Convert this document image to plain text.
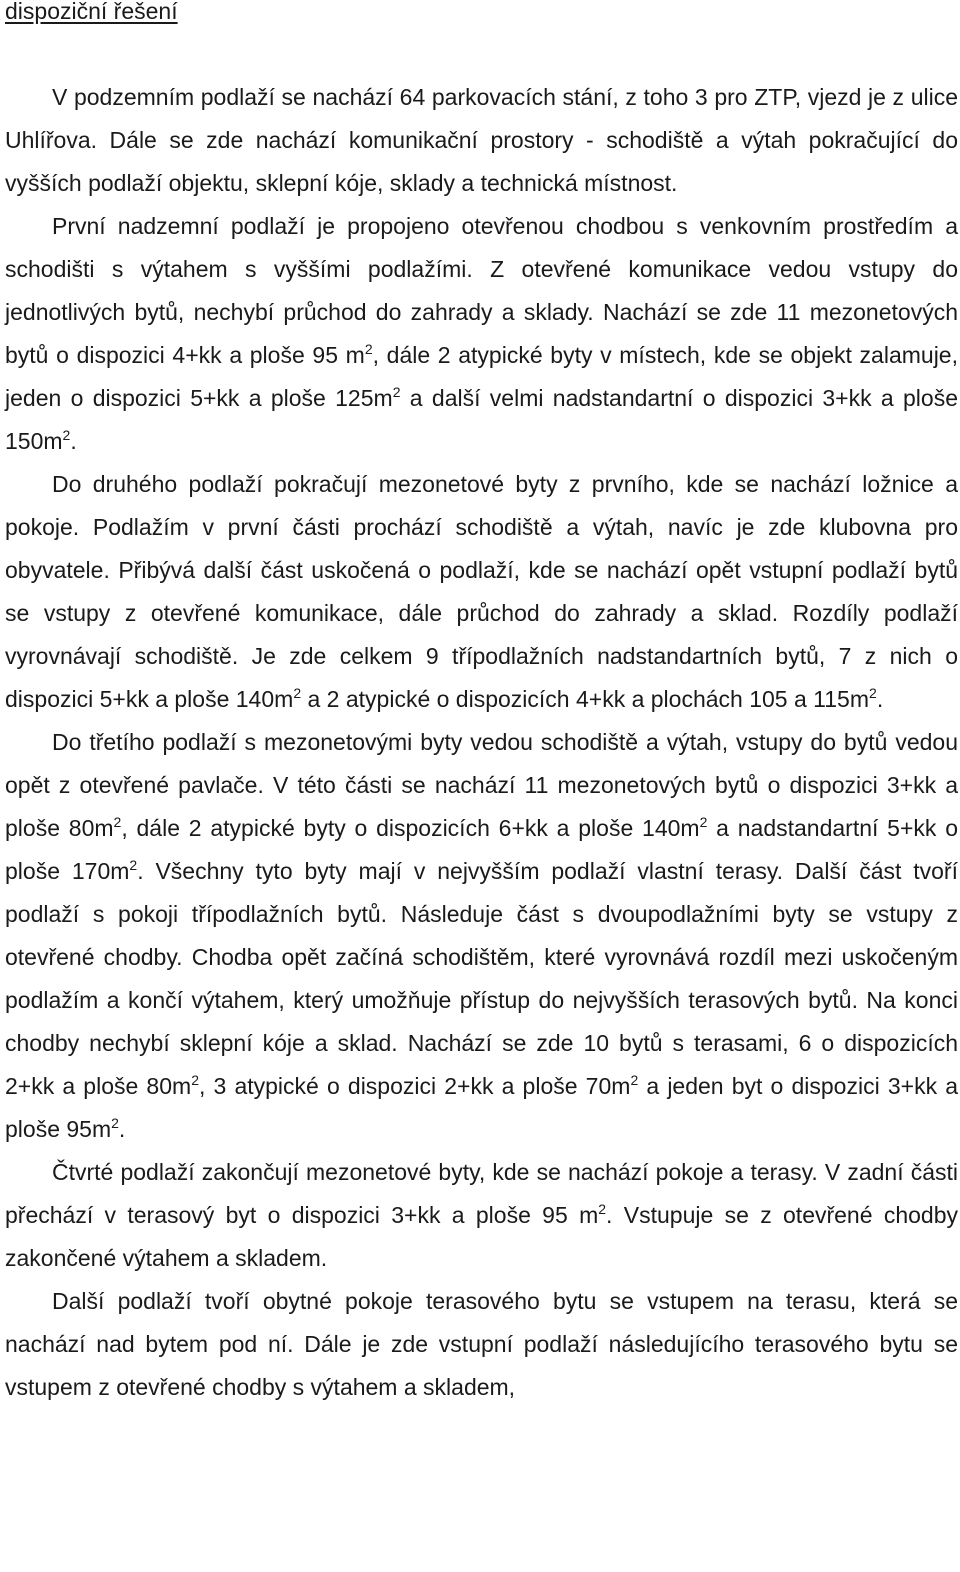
dispoziční řešení

V podzemním podlaží se nachází 64 parkovacích stání, z toho 3 pro ZTP, vjezd je z ulice Uhlířova. Dále se zde nachází komunikační prostory - schodiště a výtah pokračující do vyšších podlaží objektu, sklepní kóje, sklady a technická místnost.

První nadzemní podlaží je propojeno otevřenou chodbou s venkovním prostředím a schodišti s výtahem s vyššími podlažími. Z otevřené komunikace vedou vstupy do jednotlivých bytů, nechybí průchod do zahrady a sklady. Nachází se zde 11 mezonetových bytů o dispozici 4+kk a ploše 95 $m^2$, dále 2 atypické byty v místech, kde se objekt zalamuje, jeden o dispozici 5+kk a ploše $125m^2$ a další velmi nadstandartní o dispozici 3+kk a ploše $150m^2$.

Do druhého podlaží pokračují mezonetové byty z prvního, kde se nachází ložnice a pokoje. Podlažím v první části prochází schodiště a výtah, navíc je zde klubovna pro obyvatele. Přibývá další část uskočená o podlaží, kde se nachází opět vstupní podlaží bytů se vstupy z otevřené komunikace, dále průchod do zahrady a sklad. Rozdíly podlaží vyrovnávají schodiště. Je zde celkem 9 třípodlažních nadstandartních bytů, 7 z nich o dispozici 5+kk a ploše $140m^2$ a 2 atypické o dispozicích 4+kk a plochách 105 a $115m^2$.

Do třetího podlaží s mezonetovými byty vedou schodiště a výtah, vstupy do bytů vedou opět z otevřené pavlače. V této části se nachází 11 mezonetových bytů o dispozici 3+kk a ploše $80m^2$, dále 2 atypické byty o dispozicích 6+kk a ploše $140m^2$ a nadstandartní 5+kk o ploše $170m^2$. Všechny tyto byty mají v nejvyšším podlaží vlastní terasy. Další část tvoří podlaží s pokoji třípodlažních bytů. Následuje část s dvoupodlažními byty se vstupy z otevřené chodby. Chodba opět začíná schodištěm, které vyrovnává rozdíl mezi uskočeným podlažím a končí výtahem, který umožňuje přístup do nejvyšších terasových bytů. Na konci chodby nechybí sklepní kóje a sklad. Nachází se zde 10 bytů s terasami, 6 o dispozicích 2+kk a ploše $80m^2$, 3 atypické o dispozici 2+kk a ploše $70m^2$ a jeden byt o dispozici 3+kk a ploše $95m^2$.

Čtvrté podlaží zakončují mezonetové byty, kde se nachází pokoje a terasy. V zadní části přechází v terasový byt o dispozici 3+kk a ploše 95 $m^2$. Vstupuje se z otevřené chodby zakončené výtahem a skladem.

Další podlaží tvoří obytné pokoje terasového bytu se vstupem na terasu, která se nachází nad bytem pod ní. Dále je zde vstupní podlaží následujícího terasového bytu se vstupem z otevřené chodby s výtahem a skladem,
